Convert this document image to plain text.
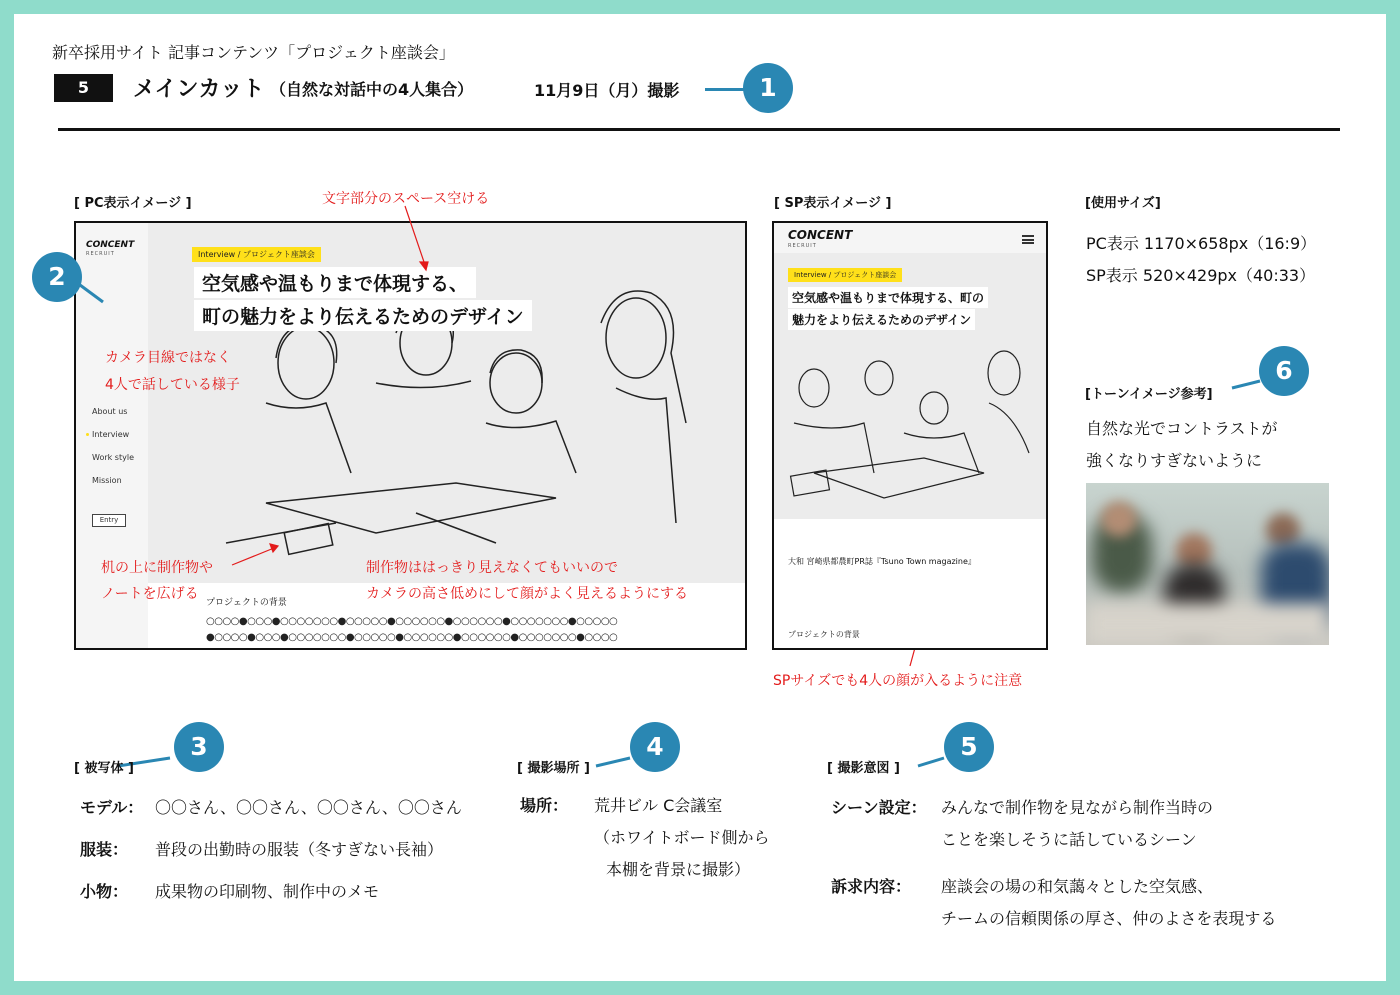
新卒採用サイト 記事コンテンツ「プロジェクト座談会」
5	メインカット （自然な対話中の4人集合）	11月9日（月）撮影	1
[ PC表示イメージ ]	文字部分のスペース空ける
CONCENT
RECRUIT
About us
Interview
Work style
Mission
Entry
Interview / プロジェクト座談会
空気感や温もりまで体現する、
町の魅力をより伝えるためのデザイン
プロジェクトの背景
○○○○●○○○●○○○○○○○●○○○○○●○○○○○○●○○○○○○●○○○○○○○●○○○○○
●○○○○●○○○●○○○○○○○●○○○○○●○○○○○○●○○○○○○●○○○○○○○●○○○○
2
カメラ目線ではなく
4人で話している様子
机の上に制作物や
ノートを広げる
制作物ははっきり見えなくてもいいので
カメラの高さ低めにして顔がよく見えるようにする
[ SP表示イメージ ]
CONCENT
RECRUIT
Interview / プロジェクト座談会
空気感や温もりまで体現する、町の
魅力をより伝えるためのデザイン
大和 宮崎県都農町PR誌『Tsuno Town magazine』
プロジェクトの背景
SPサイズでも4人の顔が入るように注意
[使用サイズ]
PC表示 1170×658px（16:9）
SP表示 520×429px（40:33）
6
[トーンイメージ参考]
自然な光でコントラストが
強くなりすぎないように
3
[ 被写体 ]
モデル： 〇〇さん、〇〇さん、〇〇さん、〇〇さん
服装： 普段の出勤時の服装（冬すぎない長袖）
小物： 成果物の印刷物、制作中のメモ
4
[ 撮影場所 ]
場所： 荒井ビル C会議室
（ホワイトボード側から
本棚を背景に撮影）
5
[ 撮影意図 ]
シーン設定： みんなで制作物を見ながら制作当時の
ことを楽しそうに話しているシーン
訴求内容： 座談会の場の和気藹々とした空気感、
チームの信頼関係の厚さ、仲のよさを表現する
